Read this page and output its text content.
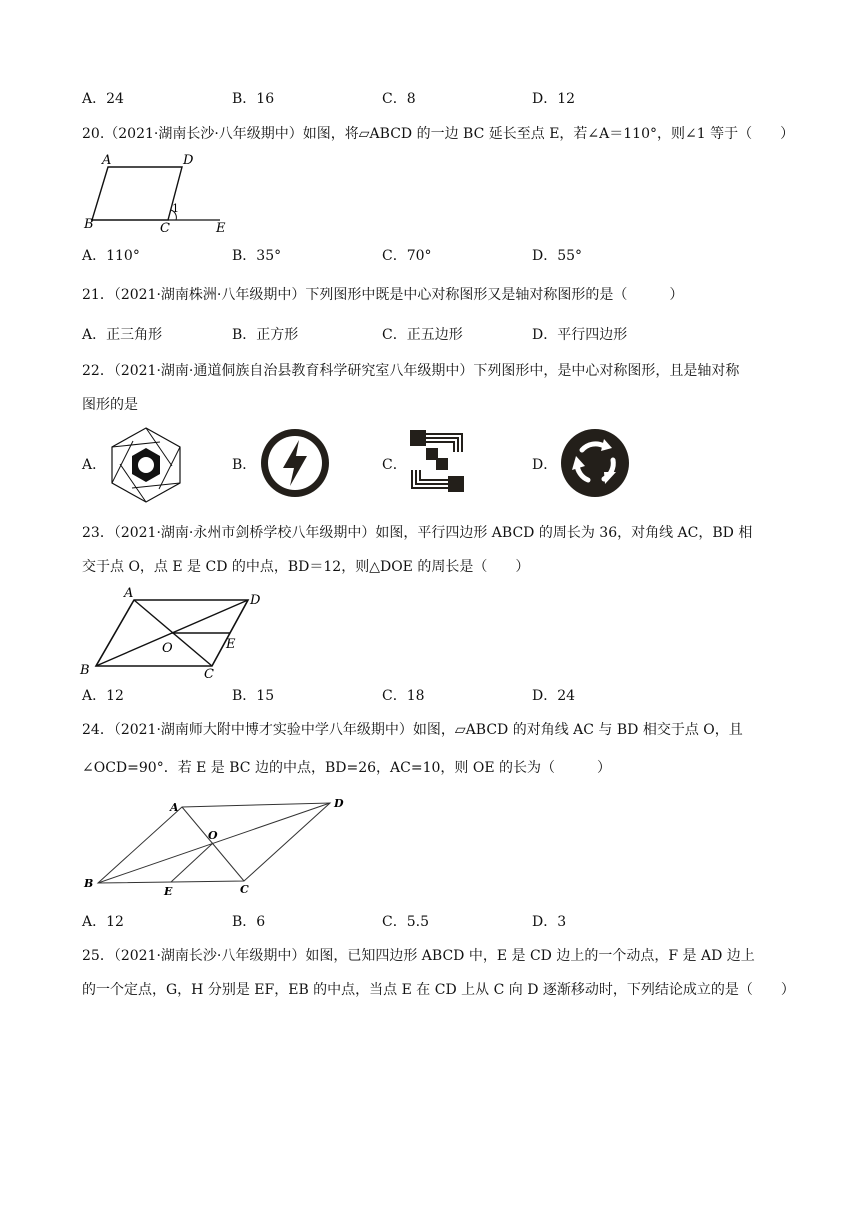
A．24	B．16	C．8	D．12
20.（2021·湖南长沙·八年级期中）如图，将▱ABCD 的一边 BC 延长至点 E，若∠A＝110°，则∠1 等于（　　）
A	D
B	C
1
E
A．110°	B．35°	C．70°	D．55°
21．（2021·湖南株洲·八年级期中）下列图形中既是中心对称图形又是轴对称图形的是（　　　）
A．正三角形	B．正方形	C．正五边形	D．平行四边形
22．（2021·湖南·通道侗族自治县教育科学研究室八年级期中）下列图形中，是中心对称图形，且是轴对称
图形的是
A．	B．	C．	D．
23．（2021·湖南·永州市剑桥学校八年级期中）如图，平行四边形 ABCD 的周长为 36，对角线 AC，BD 相
交于点 O，点 E 是 CD 的中点，BD＝12，则△DOE 的周长是（　　）
A	D
B	C
O	E
A．12	B．15	C．18	D．24
24．（2021·湖南师大附中博才实验中学八年级期中）如图，▱ABCD 的对角线 AC 与 BD 相交于点 O，且
∠OCD=90°．若 E 是 BC 边的中点，BD=26，AC=10，则 OE 的长为（　　　）
A	D
B	C
O
E
A．12	B．6	C．5.5	D．3
25．（2021·湖南长沙·八年级期中）如图，已知四边形 ABCD 中，E 是 CD 边上的一个动点，F 是 AD 边上
的一个定点，G，H 分别是 EF，EB 的中点，当点 E 在 CD 上从 C 向 D 逐渐移动时，下列结论成立的是（　　）
